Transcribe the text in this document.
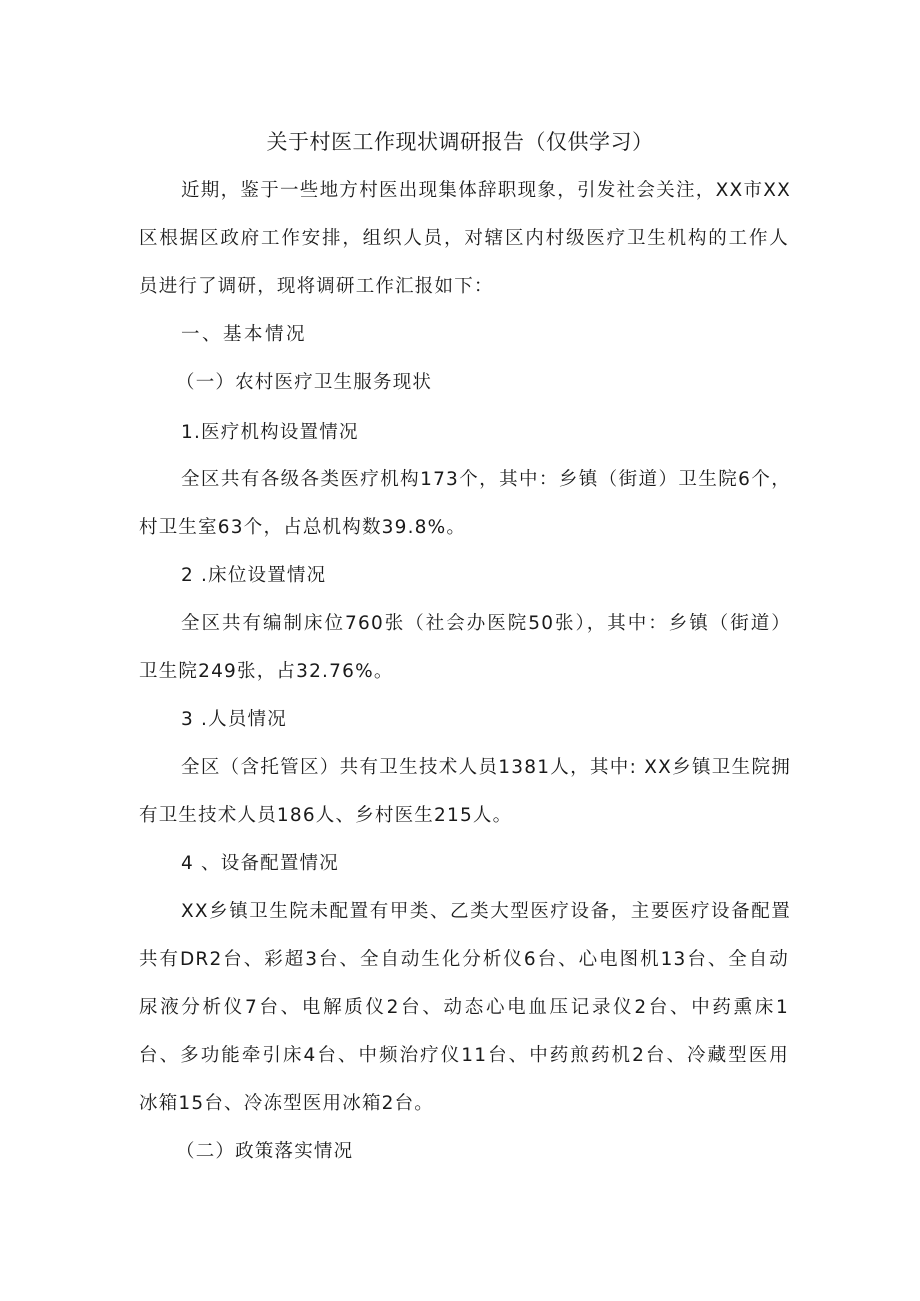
关于村医工作现状调研报告（仅供学习）
近期，鉴于一些地方村医出现集体辞职现象，引发社会关注，XX市XX
区根据区政府工作安排，组织人员，对辖区内村级医疗卫生机构的工作人
员进行了调研，现将调研工作汇报如下：
一、基本情况
（一）农村医疗卫生服务现状
1.医疗机构设置情况
全区共有各级各类医疗机构173个，其中：乡镇（街道）卫生院6个，
村卫生室63个，占总机构数39.8%。
2 .床位设置情况
全区共有编制床位760张（社会办医院50张），其中：乡镇（街道）
卫生院249张，占32.76%。
3 .人员情况
全区（含托管区）共有卫生技术人员1381人，其中: XX乡镇卫生院拥
有卫生技术人员186人、乡村医生215人。
4 、设备配置情况
XX乡镇卫生院未配置有甲类、乙类大型医疗设备，主要医疗设备配置
共有DR2台、彩超3台、全自动生化分析仪6台、心电图机13台、全自动
尿液分析仪7台、电解质仪2台、动态心电血压记录仪2台、中药熏床1
台、多功能牵引床4台、中频治疗仪11台、中药煎药机2台、冷藏型医用
冰箱15台、冷冻型医用冰箱2台。
（二）政策落实情况
